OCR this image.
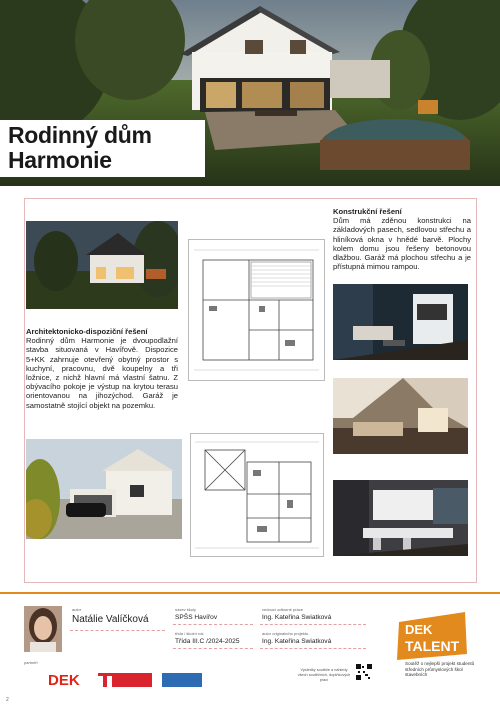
Rodinný dům
Harmonie
Konstrukční řešení
Dům má zděnou konstrukci na základových pasech, sedlovou střechu a hliníková okna v hnědé barvě. Plochy kolem domu jsou řešeny betonovou dlažbou. Garáž má plochou střechu a je přístupná mimou rampou.
Architektonicko-dispoziční řešení
Rodinný dům Harmonie je dvoupodlažní stavba situovaná v Havířově. Dispozice 5+KK zahrnuje otevřený obytný prostor s kuchyní, pracovnu, dvě koupelny a tři ložnice, z nichž hlavní má vlastní šatnu. Z obývacího pokoje je výstup na krytou terasu orientovanou na jihozýchod. Garáž je samostatně stojící objekt na pozemku.
autor
Natálie Valíčková
název školy
SPŠS Havířov
třída / školní rok
Třída III.C /2024-2025
vedoucí odborné práce
Ing. Kateřina Swiatková
autor originálního projektu
Ing. Kateřina Swiatková
DEK
TALENT
Soutěž o nejlepší projekt studentů středních průmyslových škol stavebních
partneři
DEK
Výsledky soutěže a náhledy všech soutěžních, doplňkových prací
2
